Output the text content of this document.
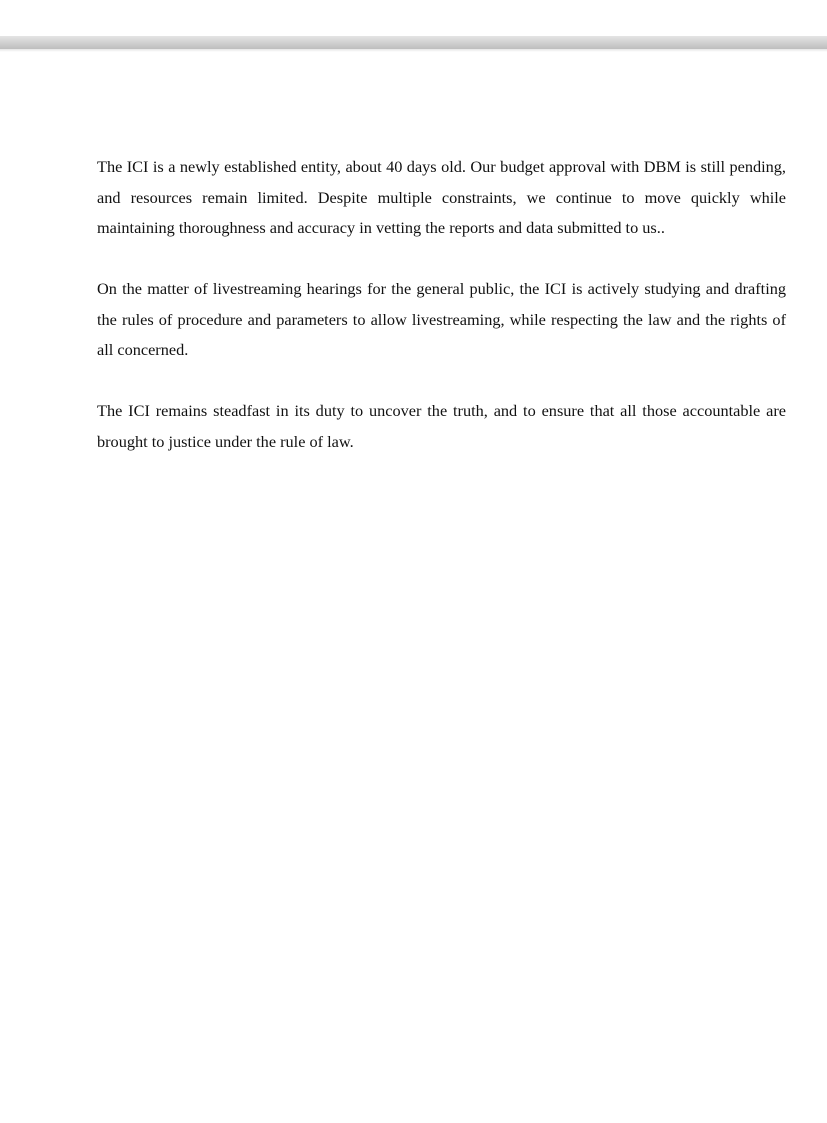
The ICI is a newly established entity, about 40 days old. Our budget approval with DBM is still pending, and resources remain limited. Despite multiple constraints, we continue to move quickly while maintaining thoroughness and accuracy in vetting the reports and data submitted to us..

On the matter of livestreaming hearings for the general public, the ICI is actively studying and drafting the rules of procedure and parameters to allow livestreaming, while respecting the law and the rights of all concerned.

The ICI remains steadfast in its duty to uncover the truth, and to ensure that all those accountable are brought to justice under the rule of law.
